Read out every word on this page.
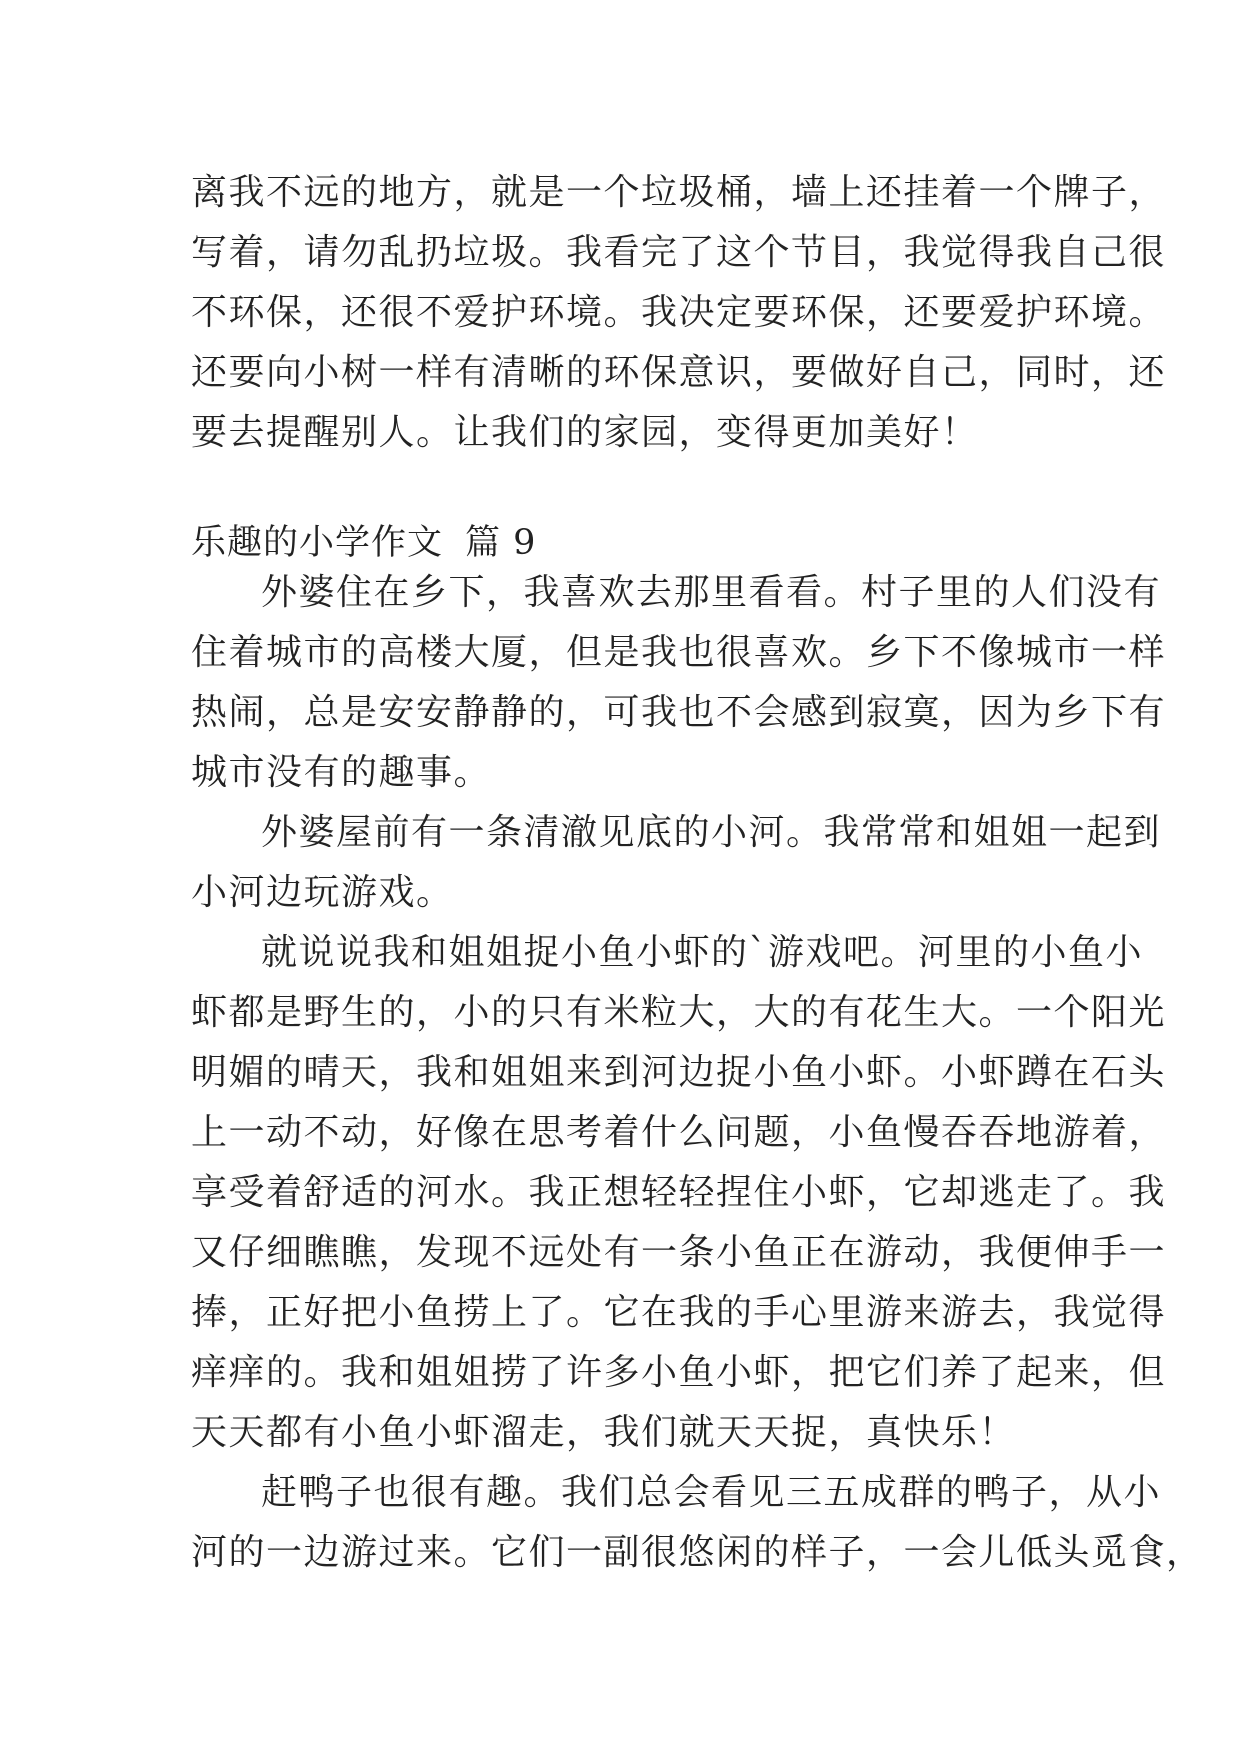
离我不远的地方，就是一个垃圾桶，墙上还挂着一个牌子，
写着，请勿乱扔垃圾。我看完了这个节目，我觉得我自己很
不环保，还很不爱护环境。我决定要环保，还要爱护环境。
还要向小树一样有清晰的环保意识，要做好自己，同时，还
要去提醒别人。让我们的家园，变得更加美好！
乐趣的小学作文 篇 9
外婆住在乡下，我喜欢去那里看看。村子里的人们没有
住着城市的高楼大厦，但是我也很喜欢。乡下不像城市一样
热闹，总是安安静静的，可我也不会感到寂寞，因为乡下有
城市没有的趣事。
外婆屋前有一条清澈见底的小河。我常常和姐姐一起到
小河边玩游戏。
就说说我和姐姐捉小鱼小虾的`游戏吧。河里的小鱼小
虾都是野生的，小的只有米粒大，大的有花生大。一个阳光
明媚的晴天，我和姐姐来到河边捉小鱼小虾。小虾蹲在石头
上一动不动，好像在思考着什么问题，小鱼慢吞吞地游着，
享受着舒适的河水。我正想轻轻捏住小虾，它却逃走了。我
又仔细瞧瞧，发现不远处有一条小鱼正在游动，我便伸手一
捧，正好把小鱼捞上了。它在我的手心里游来游去，我觉得
痒痒的。我和姐姐捞了许多小鱼小虾，把它们养了起来，但
天天都有小鱼小虾溜走，我们就天天捉，真快乐！
赶鸭子也很有趣。我们总会看见三五成群的鸭子，从小
河的一边游过来。它们一副很悠闲的样子，一会儿低头觅食，
